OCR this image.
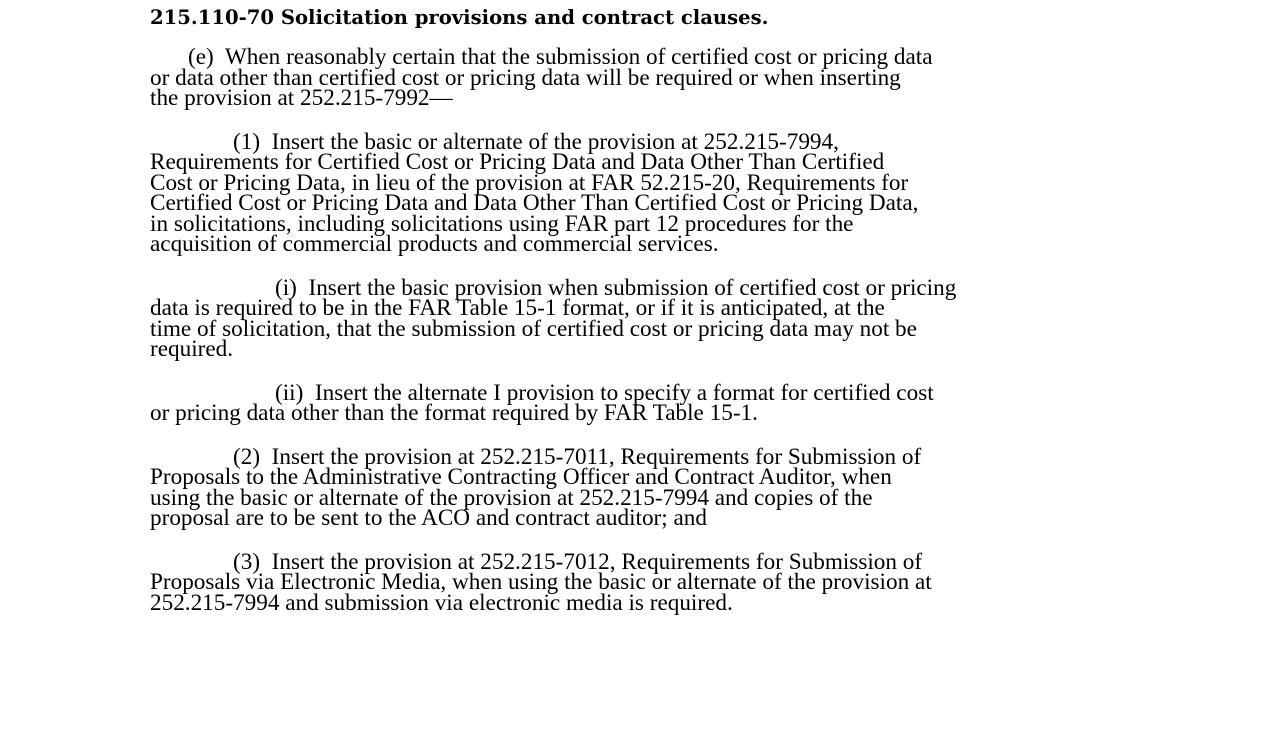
215.110-70 Solicitation provisions and contract clauses.
(e)  When reasonably certain that the submission of certified cost or pricing data
or data other than certified cost or pricing data will be required or when inserting
the provision at 252.215-7992—
(1)  Insert the basic or alternate of the provision at 252.215-7994,
Requirements for Certified Cost or Pricing Data and Data Other Than Certified
Cost or Pricing Data, in lieu of the provision at FAR 52.215-20, Requirements for
Certified Cost or Pricing Data and Data Other Than Certified Cost or Pricing Data,
in solicitations, including solicitations using FAR part 12 procedures for the
acquisition of commercial products and commercial services.
(i)  Insert the basic provision when submission of certified cost or pricing
data is required to be in the FAR Table 15-1 format, or if it is anticipated, at the
time of solicitation, that the submission of certified cost or pricing data may not be
required.
(ii)  Insert the alternate I provision to specify a format for certified cost
or pricing data other than the format required by FAR Table 15-1.
(2)  Insert the provision at 252.215-7011, Requirements for Submission of
Proposals to the Administrative Contracting Officer and Contract Auditor, when
using the basic or alternate of the provision at 252.215-7994 and copies of the
proposal are to be sent to the ACO and contract auditor; and
(3)  Insert the provision at 252.215-7012, Requirements for Submission of
Proposals via Electronic Media, when using the basic or alternate of the provision at
252.215-7994 and submission via electronic media is required.
